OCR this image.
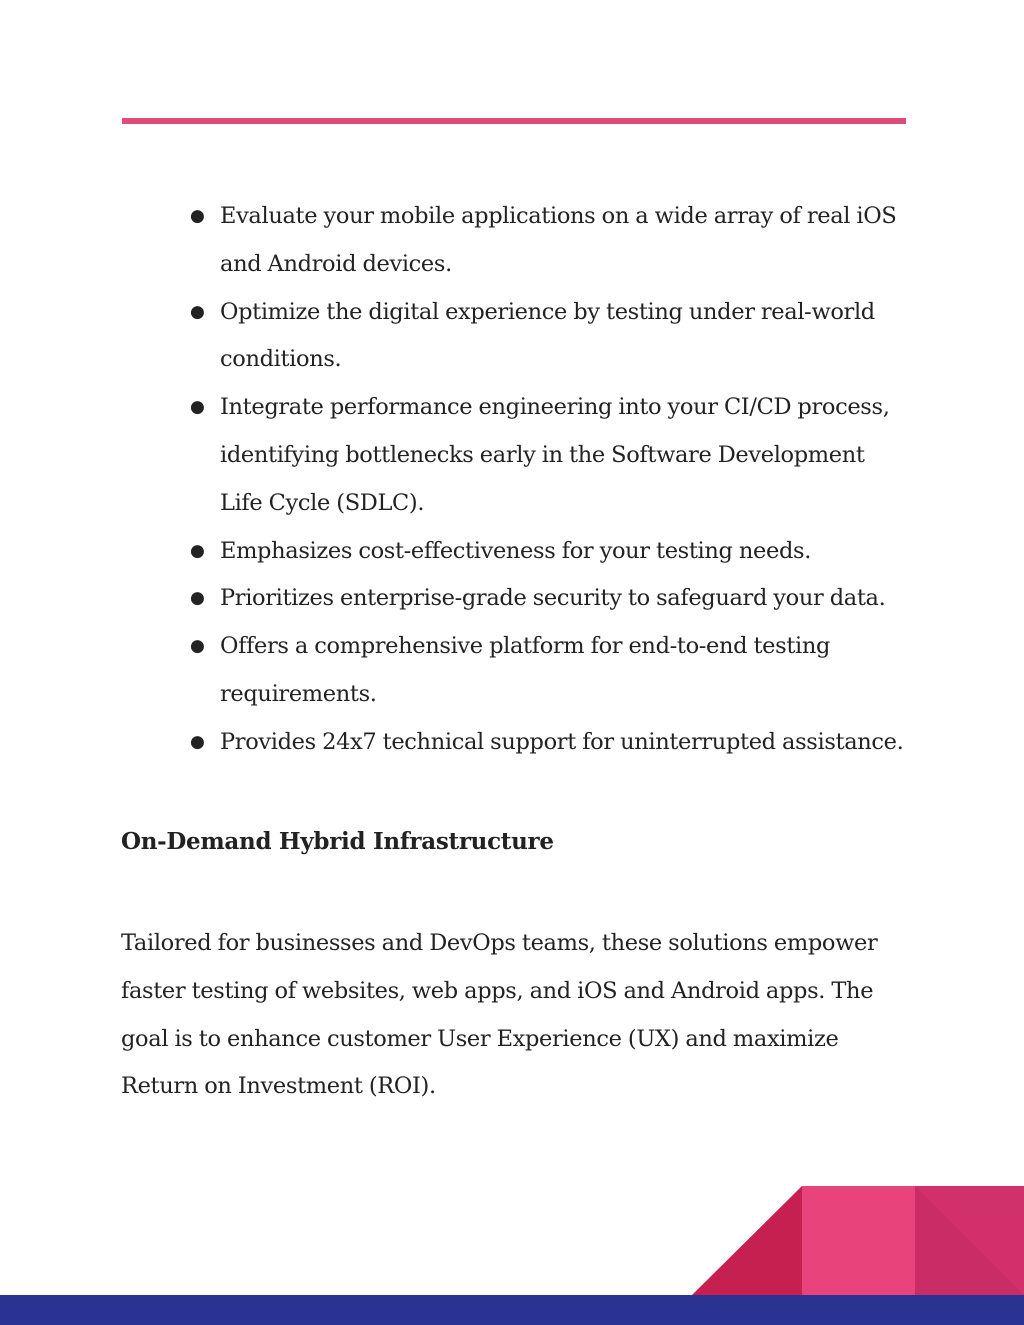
● Evaluate your mobile applications on a wide array of real iOS and Android devices.
● Optimize the digital experience by testing under real-world conditions.
● Integrate performance engineering into your CI/CD process, identifying bottlenecks early in the Software Development Life Cycle (SDLC).
● Emphasizes cost-effectiveness for your testing needs.
● Prioritizes enterprise-grade security to safeguard your data.
● Offers a comprehensive platform for end-to-end testing requirements.
● Provides 24x7 technical support for uninterrupted assistance.
On-Demand Hybrid Infrastructure

Tailored for businesses and DevOps teams, these solutions empower faster testing of websites, web apps, and iOS and Android apps. The goal is to enhance customer User Experience (UX) and maximize Return on Investment (ROI).
